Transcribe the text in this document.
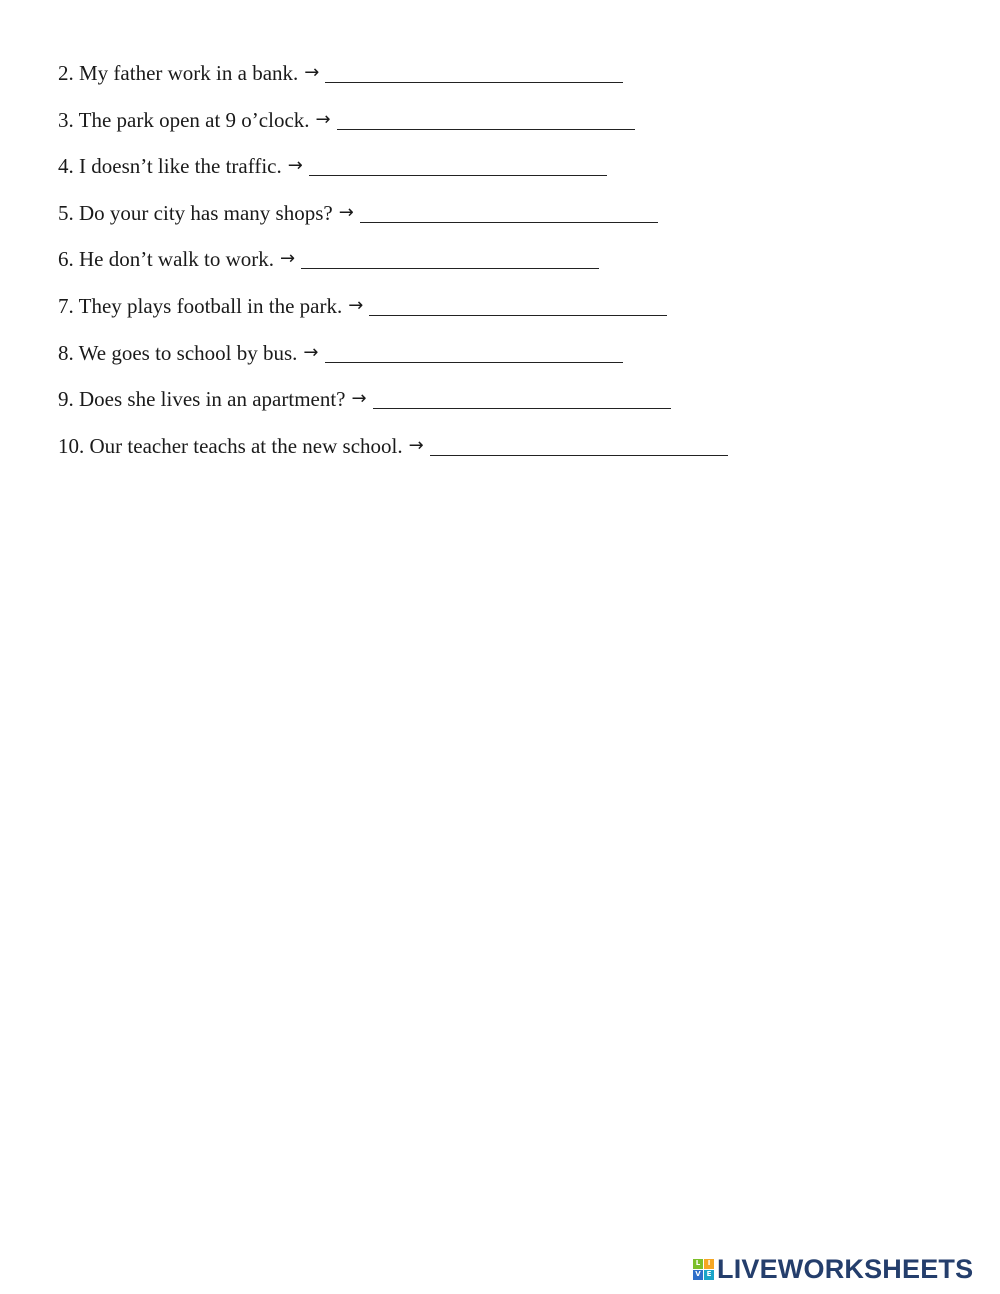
2. My father work in a bank. →
3. The park open at 9 o’clock. →
4. I doesn’t like the traffic. →
5. Do your city has many shops? →
6. He don’t walk to work. →
7. They plays football in the park. →
8. We goes to school by bus. →
9. Does she lives in an apartment? →
10. Our teacher teachs at the new school. →
L	I
V E LIVEWORKSHEETS
